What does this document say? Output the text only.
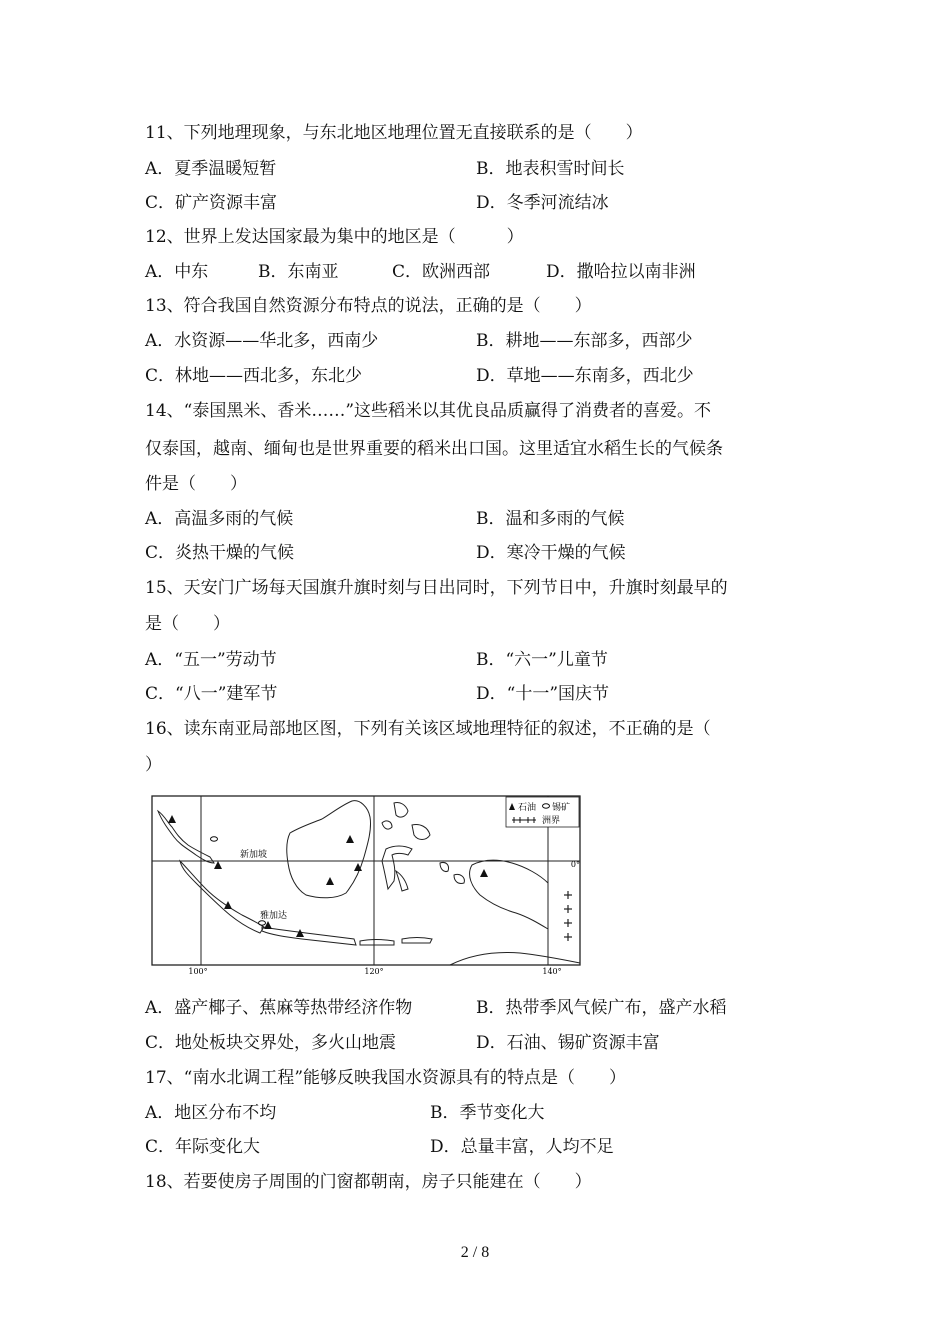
11、下列地理现象，与东北地区地理位置无直接联系的是（　　）
A．夏季温暖短暂	B．地表积雪时间长
C．矿产资源丰富	D．冬季河流结冰
12、世界上发达国家最为集中的地区是（　　　）
A．中东	B．东南亚	C．欧洲西部	D．撒哈拉以南非洲
13、符合我国自然资源分布特点的说法，正确的是（　　）
A．水资源——华北多，西南少	B．耕地——东部多，西部少
C．林地——西北多，东北少	D．草地——东南多，西北少
14、“泰国黑米、香米……”这些稻米以其优良品质赢得了消费者的喜爱。不
仅泰国，越南、缅甸也是世界重要的稻米出口国。这里适宜水稻生长的气候条
件是（　　）
A．高温多雨的气候	B．温和多雨的气候
C．炎热干燥的气候	D．寒冷干燥的气候
15、天安门广场每天国旗升旗时刻与日出同时，下列节日中，升旗时刻最早的
是（　　）
A．“五一”劳动节	B．“六一”儿童节
C．“八一”建军节	D．“十一”国庆节
16、读东南亚局部地区图，下列有关该区域地理特征的叙述，不正确的是（
）
石油 锡矿
洲界
新加坡
雅加达
0°
100°	120°	140°
A．盛产椰子、蕉麻等热带经济作物	B．热带季风气候广布，盛产水稻
C．地处板块交界处，多火山地震	D．石油、锡矿资源丰富
17、“南水北调工程”能够反映我国水资源具有的特点是（　　）
A．地区分布不均	B．季节变化大
C．年际变化大	D．总量丰富，人均不足
18、若要使房子周围的门窗都朝南，房子只能建在（　　）
2 / 8
